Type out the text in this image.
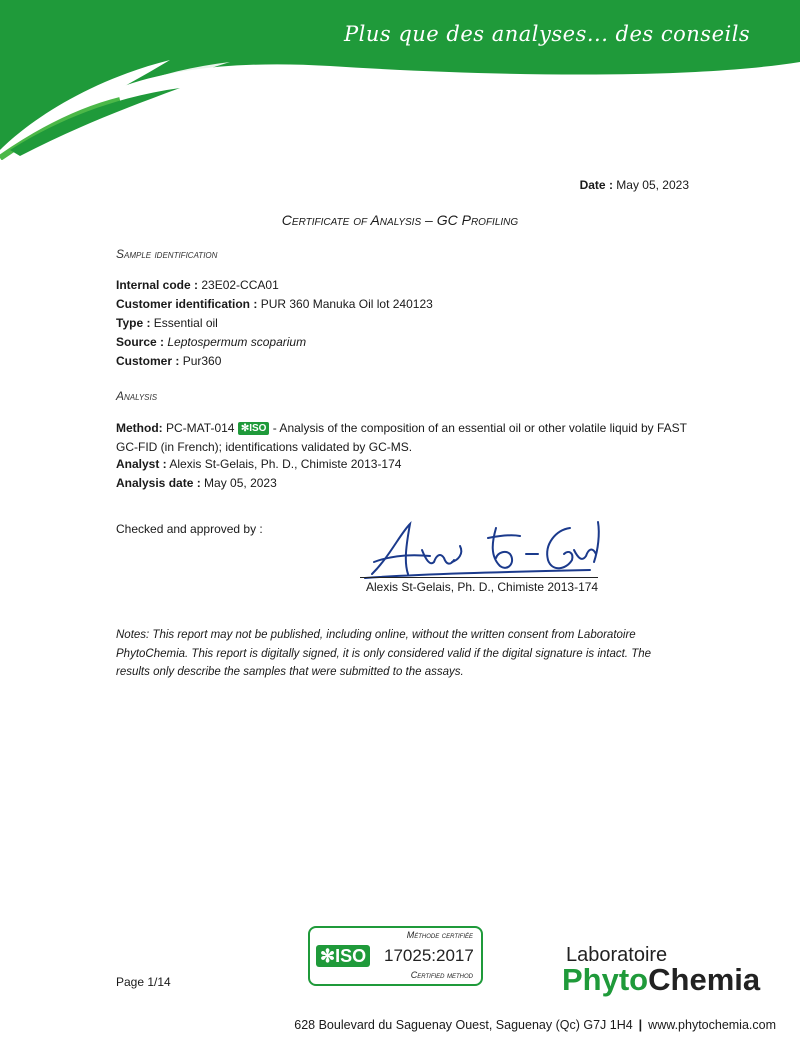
Plus que des analyses... des conseils
Date : May 05, 2023
Certificate of Analysis – GC Profiling
Sample identification
Internal code : 23E02-CCA01
Customer identification : PUR 360 Manuka Oil lot 240123
Type : Essential oil
Source : Leptospermum scoparium
Customer : Pur360
Analysis
Method: PC-MAT-014 ✻ISO - Analysis of the composition of an essential oil or other volatile liquid by FAST GC-FID (in French); identifications validated by GC-MS.
Analyst : Alexis St-Gelais, Ph. D., Chimiste 2013-174
Analysis date : May 05, 2023
Checked and approved by :
Alexis St-Gelais, Ph. D., Chimiste 2013-174
Notes: This report may not be published, including online, without the written consent from Laboratoire PhytoChemia. This report is digitally signed, it is only considered valid if the digital signature is intact. The results only describe the samples that were submitted to the assays.
Page 1/14
Méthode certifiée
✻ISO 17025:2017
Certified method
Laboratoire
PhytoChemia
628 Boulevard du Saguenay Ouest, Saguenay (Qc) G7J 1H4 | www.phytochemia.com
